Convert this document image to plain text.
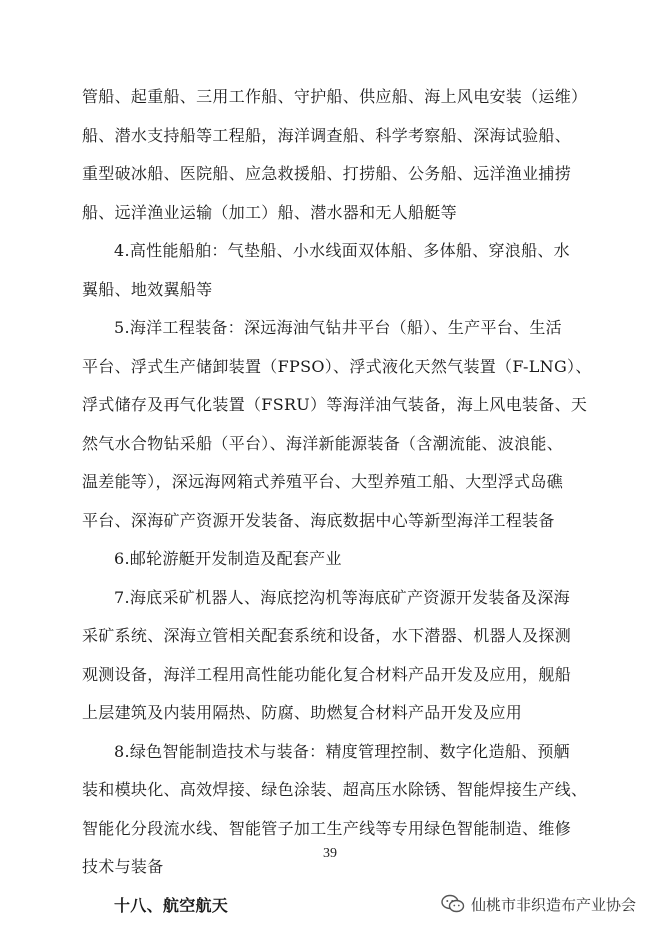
管船、起重船、三用工作船、守护船、供应船、海上风电安装（运维）
船、潜水支持船等工程船，海洋调查船、科学考察船、深海试验船、
重型破冰船、医院船、应急救援船、打捞船、公务船、远洋渔业捕捞
船、远洋渔业运输（加工）船、潜水器和无人船艇等
4.高性能船舶：气垫船、小水线面双体船、多体船、穿浪船、水
翼船、地效翼船等
5.海洋工程装备：深远海油气钻井平台（船）、生产平台、生活
平台、浮式生产储卸装置（FPSO）、浮式液化天然气装置（F-LNG）、
浮式储存及再气化装置（FSRU）等海洋油气装备，海上风电装备、天
然气水合物钻采船（平台）、海洋新能源装备（含潮流能、波浪能、
温差能等），深远海网箱式养殖平台、大型养殖工船、大型浮式岛礁
平台、深海矿产资源开发装备、海底数据中心等新型海洋工程装备
6.邮轮游艇开发制造及配套产业
7.海底采矿机器人、海底挖沟机等海底矿产资源开发装备及深海
采矿系统、深海立管相关配套系统和设备，水下潜器、机器人及探测
观测设备，海洋工程用高性能功能化复合材料产品开发及应用，舰船
上层建筑及内装用隔热、防腐、助燃复合材料产品开发及应用
8.绿色智能制造技术与装备：精度管理控制、数字化造船、预舾
装和模块化、高效焊接、绿色涂装、超高压水除锈、智能焊接生产线、
智能化分段流水线、智能管子加工生产线等专用绿色智能制造、维修
技术与装备
十八、航空航天
39
仙桃市非织造布产业协会
